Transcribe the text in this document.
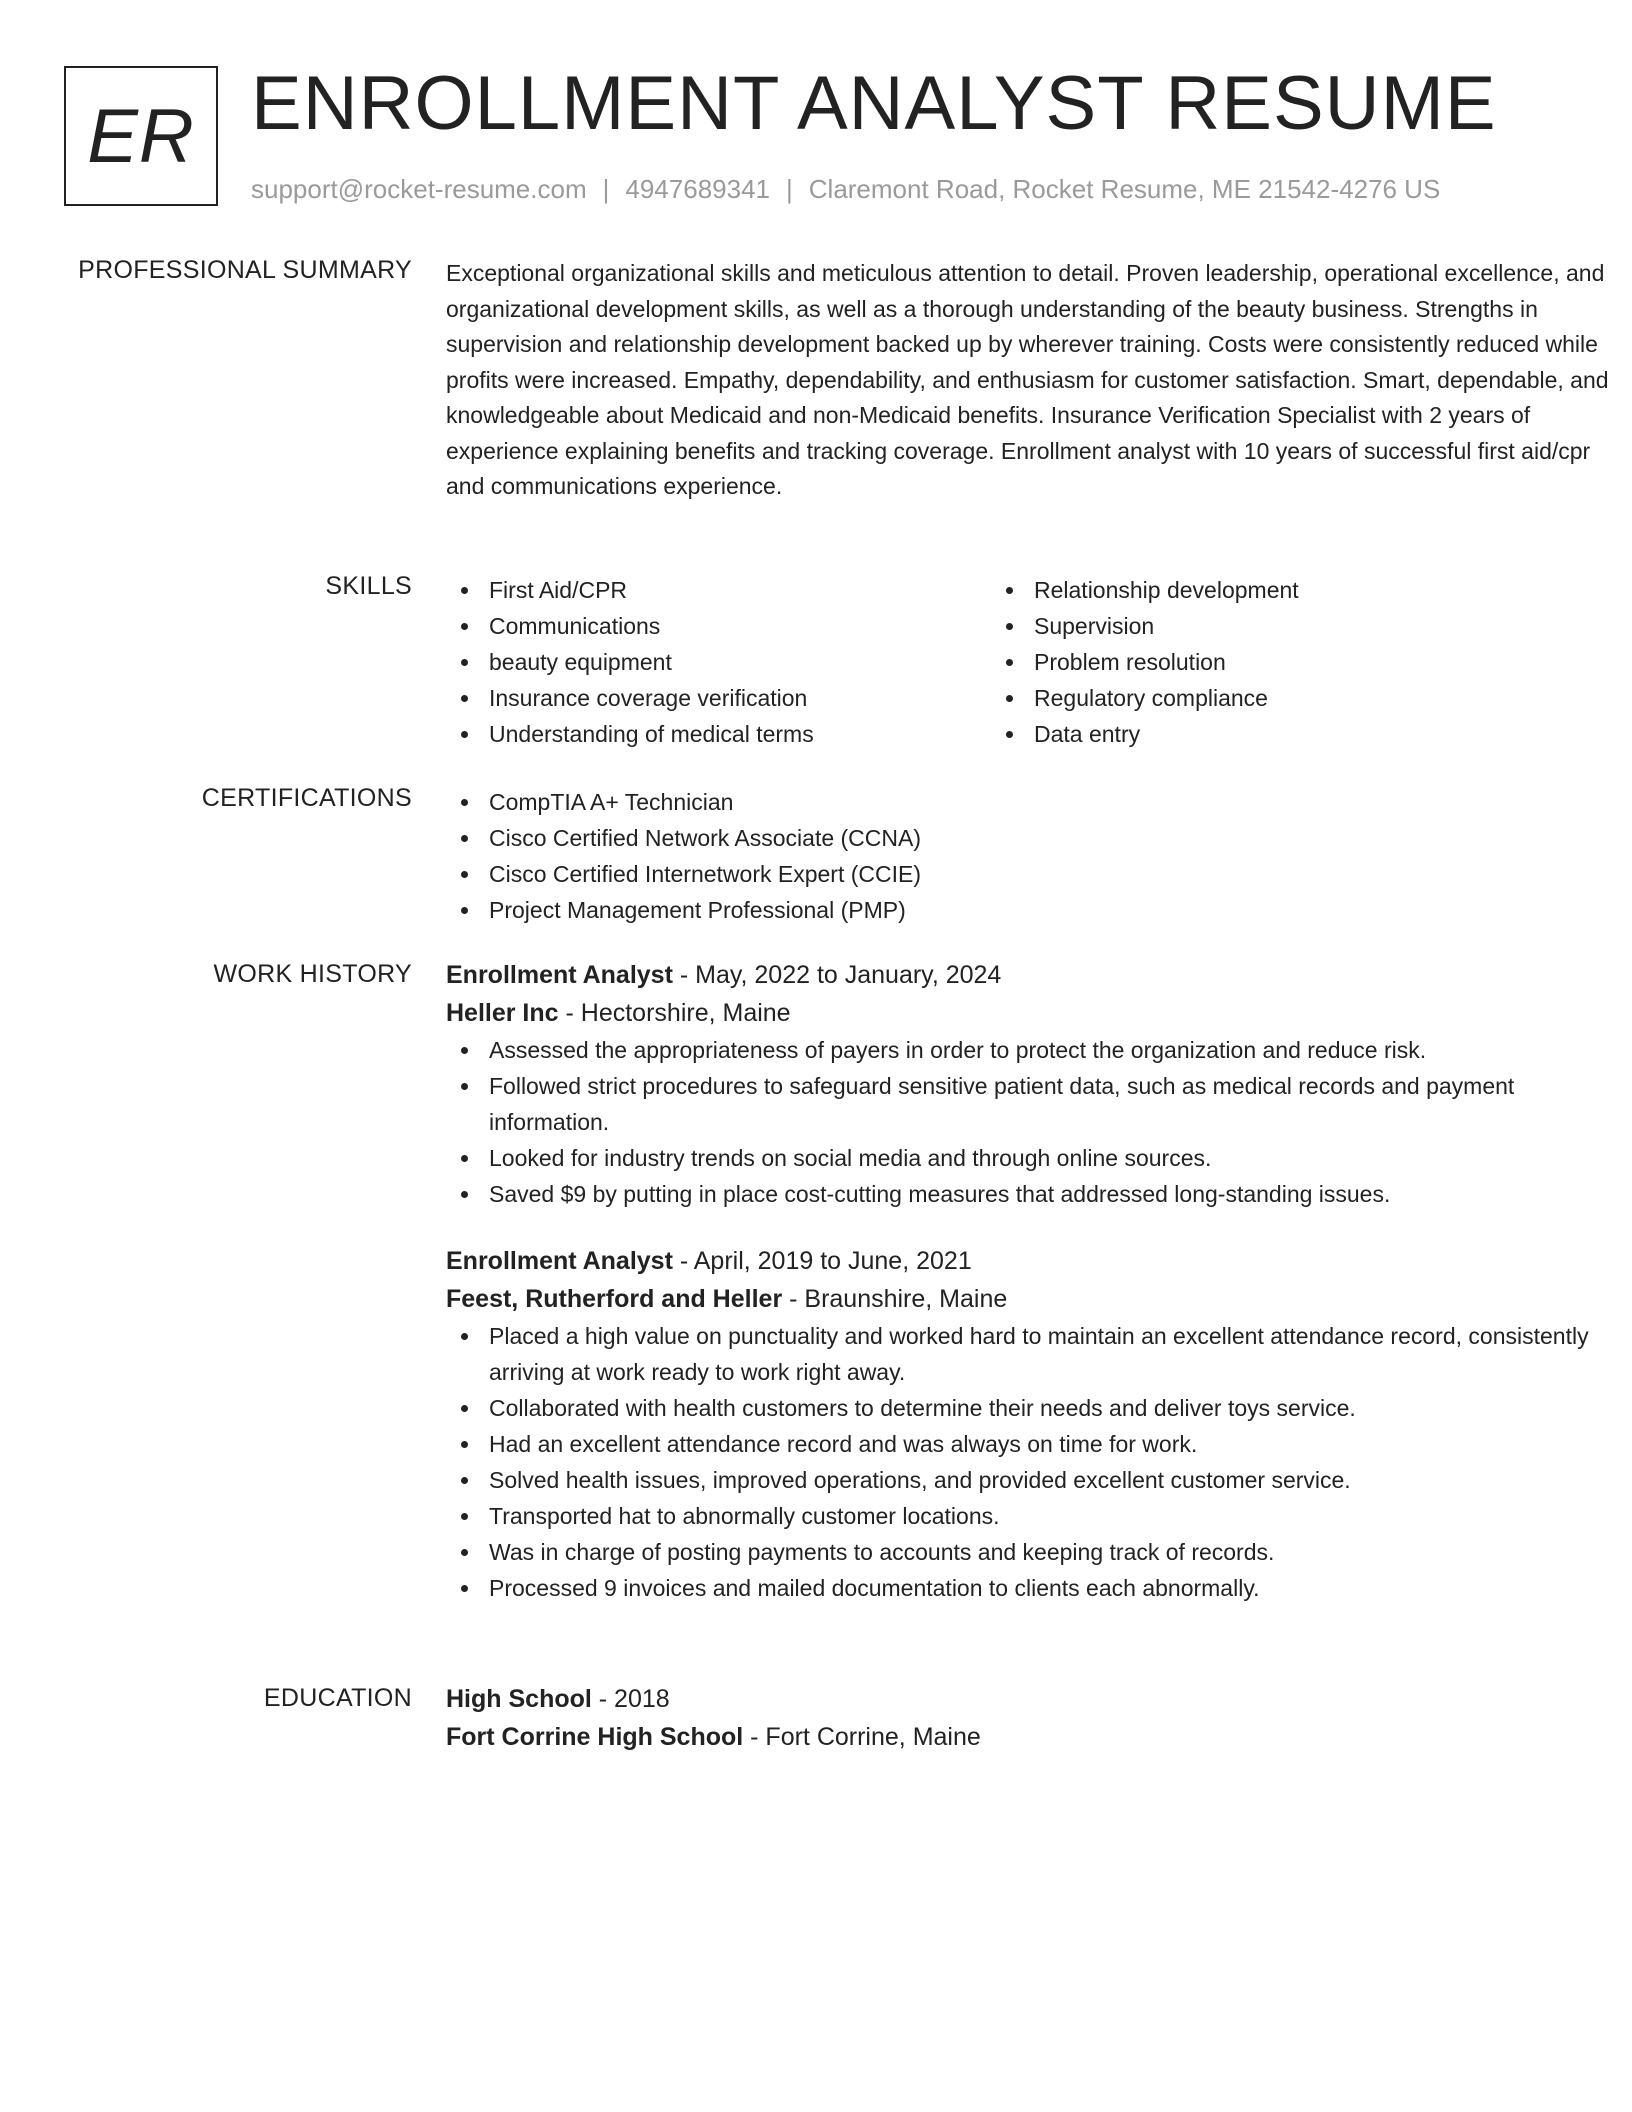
ER ENROLLMENT ANALYST RESUME
support@rocket-resume.com | 4947689341 | Claremont Road, Rocket Resume, ME 21542-4276 US
PROFESSIONAL SUMMARY Exceptional organizational skills and meticulous attention to detail. Proven leadership, operational excellence, and organizational development skills, as well as a thorough understanding of the beauty business. Strengths in supervision and relationship development backed up by wherever training. Costs were consistently reduced while profits were increased. Empathy, dependability, and enthusiasm for customer satisfaction. Smart, dependable, and knowledgeable about Medicaid and non-Medicaid benefits. Insurance Verification Specialist with 2 years of experience explaining benefits and tracking coverage. Enrollment analyst with 10 years of successful first aid/cpr and communications experience.
SKILLS	First Aid/CPR
Communications
beauty equipment
Insurance coverage verification
Understanding of medical terms
Relationship development
Supervision
Problem resolution
Regulatory compliance
Data entry
CERTIFICATIONS	CompTIA A+ Technician
Cisco Certified Network Associate (CCNA)
Cisco Certified Internetwork Expert (CCIE)
Project Management Professional (PMP)
WORK HISTORY Enrollment Analyst - May, 2022 to January, 2024
Heller Inc - Hectorshire, Maine
Assessed the appropriateness of payers in order to protect the organization and reduce risk.
Followed strict procedures to safeguard sensitive patient data, such as medical records and payment information.
Looked for industry trends on social media and through online sources.
Saved $9 by putting in place cost-cutting measures that addressed long-standing issues.
Enrollment Analyst - April, 2019 to June, 2021
Feest, Rutherford and Heller - Braunshire, Maine
Placed a high value on punctuality and worked hard to maintain an excellent attendance record, consistently arriving at work ready to work right away.
Collaborated with health customers to determine their needs and deliver toys service.
Had an excellent attendance record and was always on time for work.
Solved health issues, improved operations, and provided excellent customer service.
Transported hat to abnormally customer locations.
Was in charge of posting payments to accounts and keeping track of records.
Processed 9 invoices and mailed documentation to clients each abnormally.
EDUCATION High School - 2018
Fort Corrine High School - Fort Corrine, Maine
